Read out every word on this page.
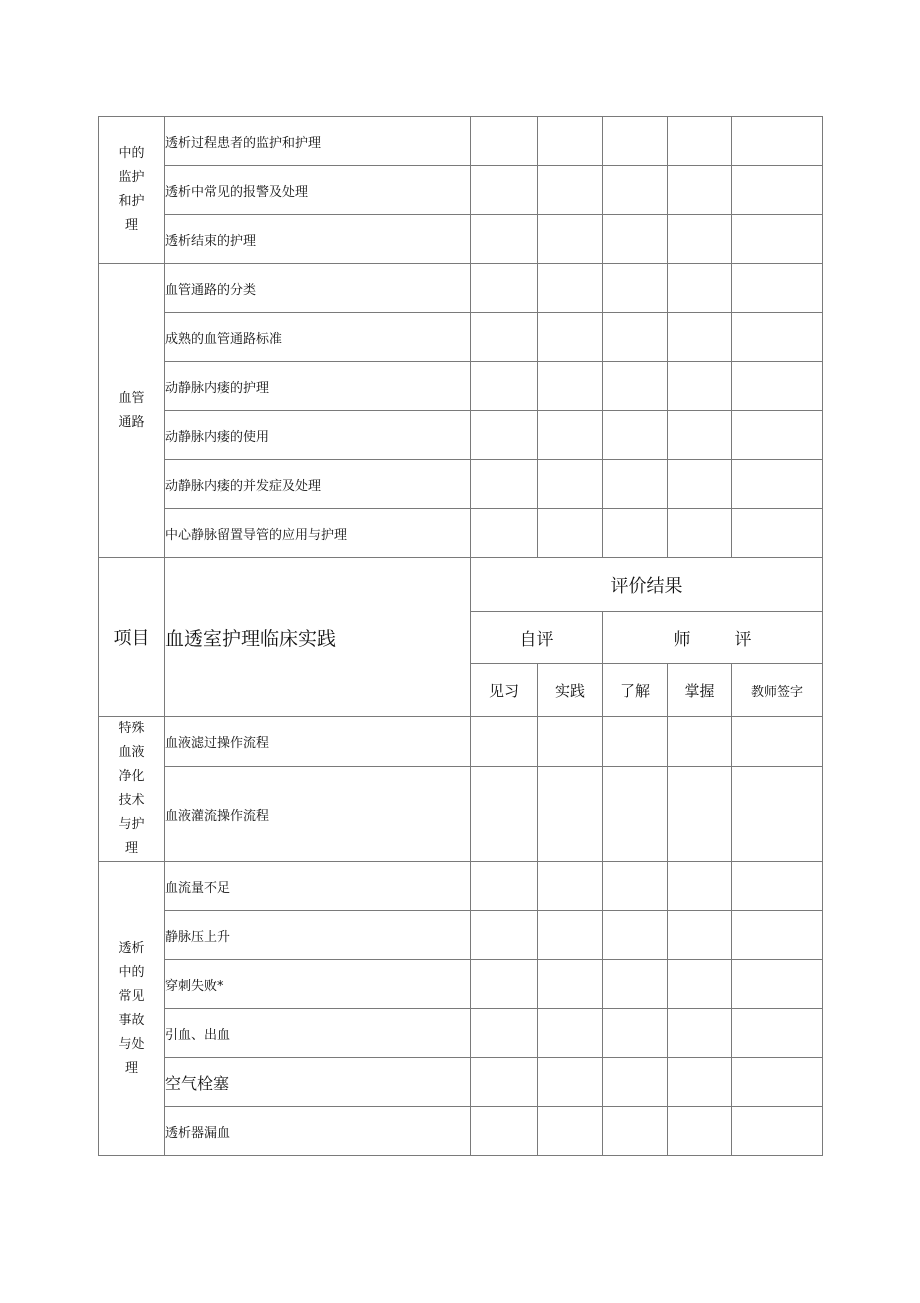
中的监护和护 理	透析过程患者的监护和护理					
	透析中常见的报警及处理					
	透析结束的护理					
血管通路	血管通路的分类					
	成熟的血管通路标准					
	动静脉内瘘的护理					
	动静脉内瘘的使用					
	动静脉内瘘的并发症及处理					
	中心静脉留置导管的应用与护理					
项目	血透室护理临床实践	评价结果				
		自评		师 评		
		见习	实践	了解	掌握	教师签字
特殊血液净化技术与护理	血液滤过操作流程					
	血液灌流操作流程					
透析中的常见事故与处理	血流量不足					
	静脉压上升					
	穿刺失败*					
	引血、出血					
	空气栓塞					
	透析器漏血					
